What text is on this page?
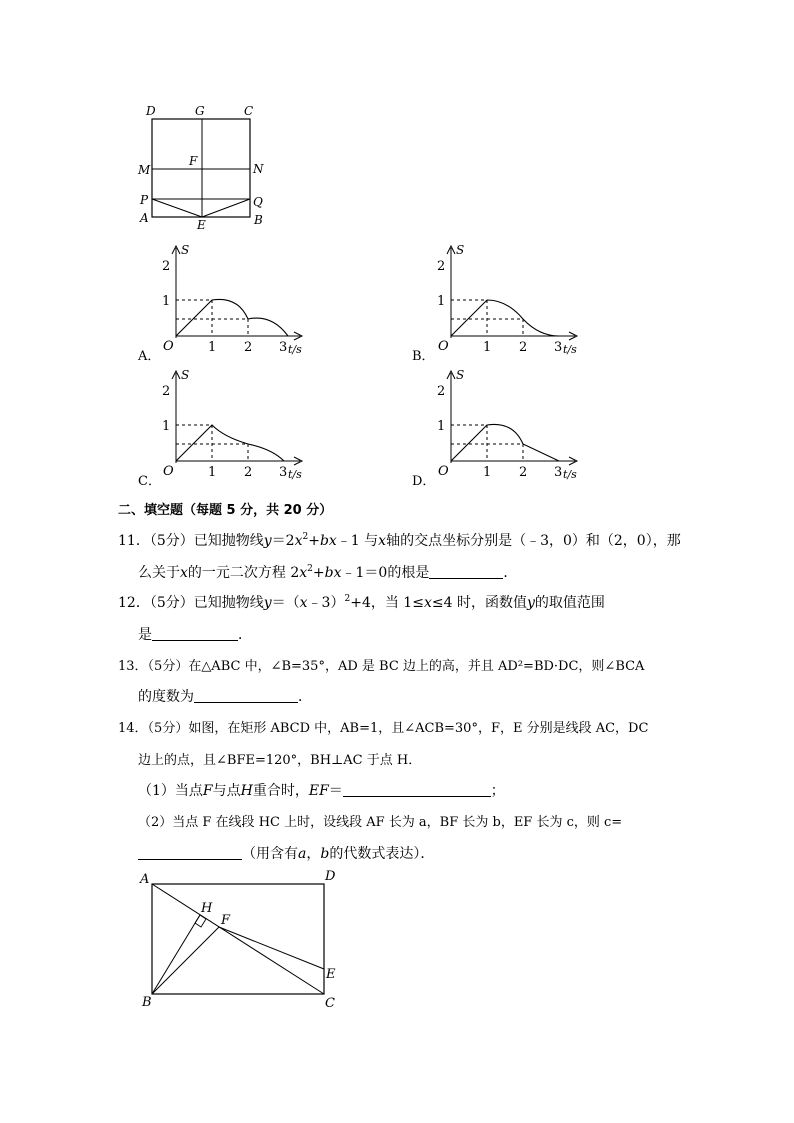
D	G	C
M
F
N
P	Q
A	E	B
S
2
1
O	1 2 3 t/s
A．
S
2
1
O	1 2 3 t/s
B．
S
2
1
O	1 2 3 t/s
C．
S
2
1
O	1 2 3 t/s
D．
二、填空题（每题 5 分，共 20 分）
11．（5分）已知抛物线$y=2x^2+bx﹣1$ 与x轴的交点坐标分别是（﹣3，0）和（2，0），那
么关于x的一元二次方程 $2x^2+bx﹣1=0$的根是	．
12．（5分）已知抛物线y＝（x﹣3）$^2$+4，当 1≤x≤4 时，函数值y的取值范围
是	．
13．（5分）在△ABC 中，∠B=35°，AD 是 BC 边上的高，并且 AD²=BD·DC，则∠BCA
的度数为	．
14．（5分）如图，在矩形 ABCD 中，AB=1，且∠ACB=30°，F，E 分别是线段 AC，DC
边上的点，且∠BFE=120°，BH⊥AC 于点 H．
（1）当点F与点H重合时，EF＝	；
（2）当点 F 在线段 HC 上时，设线段 AF 长为 a，BF 长为 b，EF 长为 c，则 c=
（用含有a，b的代数式表达）．
A	D
H
F
E
B	C
